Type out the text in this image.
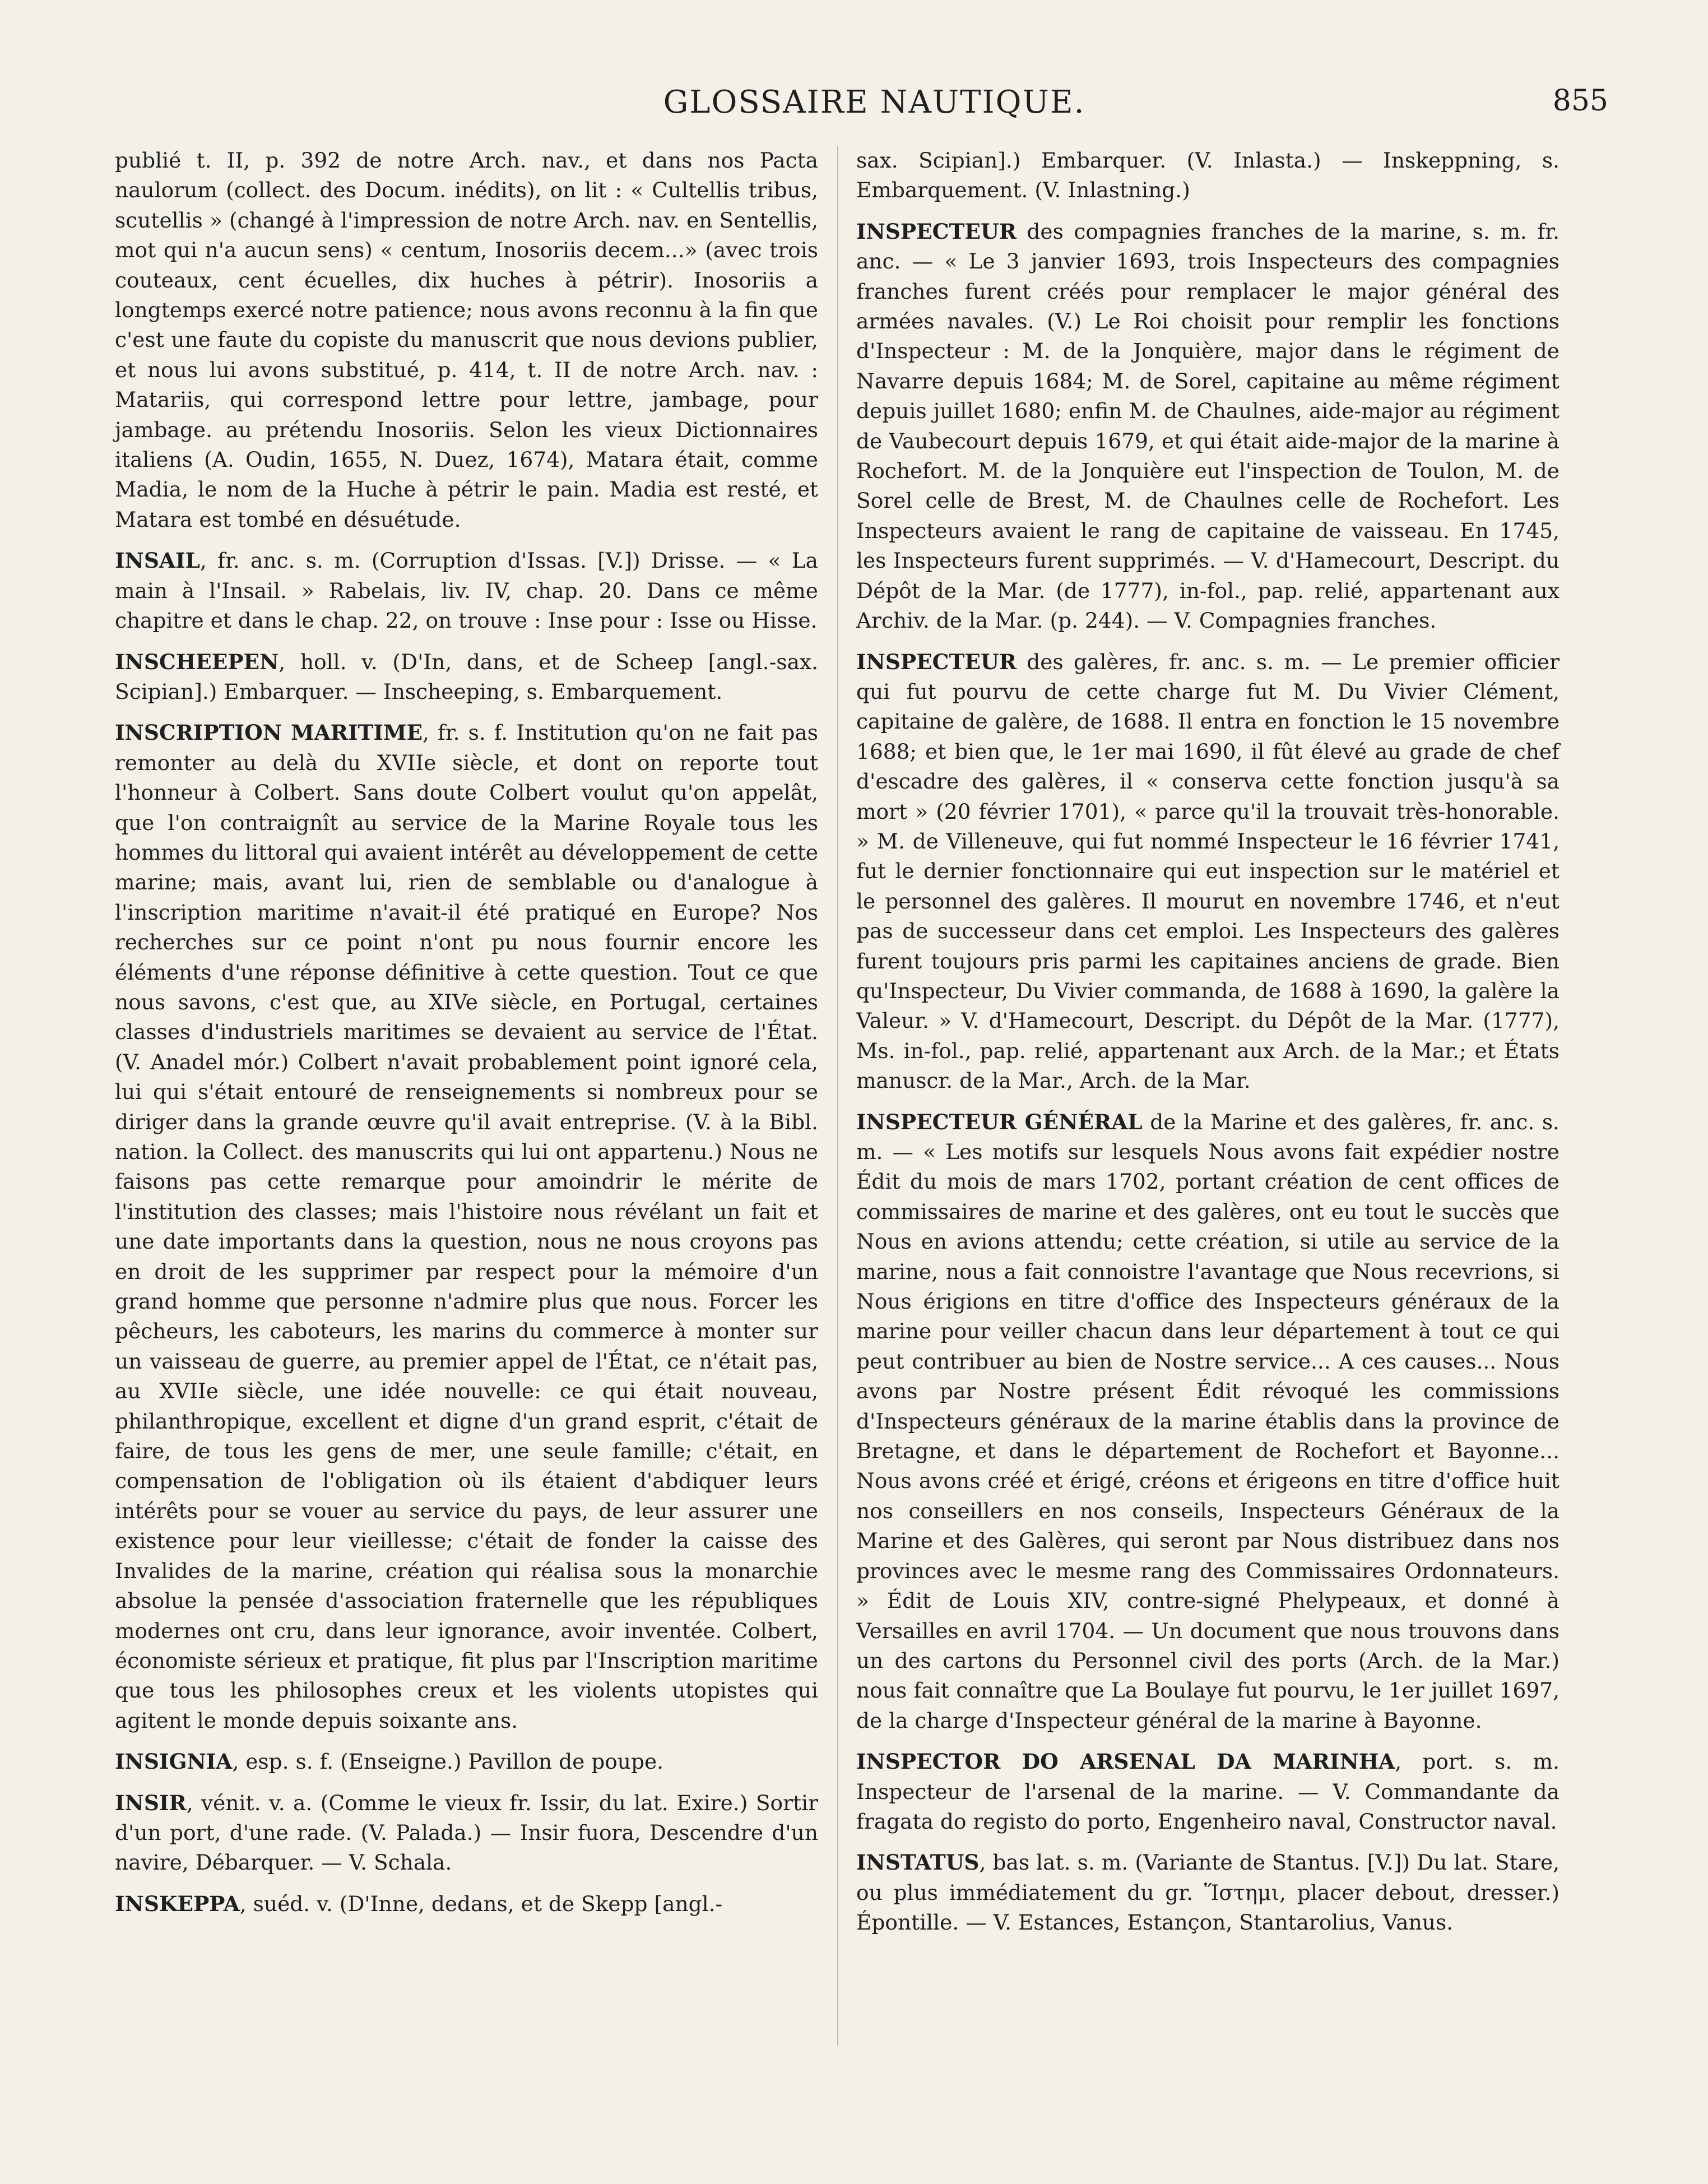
GLOSSAIRE NAUTIQUE.	855

publié t. II, p. 392 de notre Arch. nav., et dans nos Pacta naulorum (collect. des Docum. inédits), on lit : « Cultellis tribus, scutellis » (changé à l'impression de notre Arch. nav. en Sentellis, mot qui n'a aucun sens) « centum, Inosoriis decem...» (avec trois couteaux, cent écuelles, dix huches à pétrir). Inosoriis a longtemps exercé notre patience; nous avons reconnu à la fin que c'est une faute du copiste du manuscrit que nous devions publier, et nous lui avons substitué, p. 414, t. II de notre Arch. nav. : Matariis, qui correspond lettre pour lettre, jambage, pour jambage. au prétendu Inosoriis. Selon les vieux Dictionnaires italiens (A. Oudin, 1655, N. Duez, 1674), Matara était, comme Madia, le nom de la Huche à pétrir le pain. Madia est resté, et Matara est tombé en désuétude.

INSAIL, fr. anc. s. m. (Corruption d'Issas. [V.]) Drisse. — « La main à l'Insail. » Rabelais, liv. IV, chap. 20. Dans ce même chapitre et dans le chap. 22, on trouve : Inse pour : Isse ou Hisse.

INSCHEEPEN, holl. v. (D'In, dans, et de Scheep [angl.-sax. Scipian].) Embarquer. — Inscheeping, s. Embarquement.

INSCRIPTION MARITIME, fr. s. f. Institution qu'on ne fait pas remonter au delà du XVIIe siècle, et dont on reporte tout l'honneur à Colbert. Sans doute Colbert voulut qu'on appelât, que l'on contraignît au service de la Marine Royale tous les hommes du littoral qui avaient intérêt au développement de cette marine; mais, avant lui, rien de semblable ou d'analogue à l'inscription maritime n'avait-il été pratiqué en Europe? Nos recherches sur ce point n'ont pu nous fournir encore les éléments d'une réponse définitive à cette question. Tout ce que nous savons, c'est que, au XIVe siècle, en Portugal, certaines classes d'industriels maritimes se devaient au service de l'État. (V. Anadel mór.) Colbert n'avait probablement point ignoré cela, lui qui s'était entouré de renseignements si nombreux pour se diriger dans la grande œuvre qu'il avait entreprise. (V. à la Bibl. nation. la Collect. des manuscrits qui lui ont appartenu.) Nous ne faisons pas cette remarque pour amoindrir le mérite de l'institution des classes; mais l'histoire nous révélant un fait et une date importants dans la question, nous ne nous croyons pas en droit de les supprimer par respect pour la mémoire d'un grand homme que personne n'admire plus que nous. Forcer les pêcheurs, les caboteurs, les marins du commerce à monter sur un vaisseau de guerre, au premier appel de l'État, ce n'était pas, au XVIIe siècle, une idée nouvelle: ce qui était nouveau, philanthropique, excellent et digne d'un grand esprit, c'était de faire, de tous les gens de mer, une seule famille; c'était, en compensation de l'obligation où ils étaient d'abdiquer leurs intérêts pour se vouer au service du pays, de leur assurer une existence pour leur vieillesse; c'était de fonder la caisse des Invalides de la marine, création qui réalisa sous la monarchie absolue la pensée d'association fraternelle que les républiques modernes ont cru, dans leur ignorance, avoir inventée. Colbert, économiste sérieux et pratique, fit plus par l'Inscription maritime que tous les philosophes creux et les violents utopistes qui agitent le monde depuis soixante ans.

INSIGNIA, esp. s. f. (Enseigne.) Pavillon de poupe.

INSIR, vénit. v. a. (Comme le vieux fr. Issir, du lat. Exire.) Sortir d'un port, d'une rade. (V. Palada.) — Insir fuora, Descendre d'un navire, Débarquer. — V. Schala.

INSKEPPA, suéd. v. (D'Inne, dedans, et de Skepp [angl.-

sax. Scipian].) Embarquer. (V. Inlasta.) — Inskeppning, s. Embarquement. (V. Inlastning.)

INSPECTEUR des compagnies franches de la marine, s. m. fr. anc. — « Le 3 janvier 1693, trois Inspecteurs des compagnies franches furent créés pour remplacer le major général des armées navales. (V.) Le Roi choisit pour remplir les fonctions d'Inspecteur : M. de la Jonquière, major dans le régiment de Navarre depuis 1684; M. de Sorel, capitaine au même régiment depuis juillet 1680; enfin M. de Chaulnes, aide-major au régiment de Vaubecourt depuis 1679, et qui était aide-major de la marine à Rochefort. M. de la Jonquière eut l'inspection de Toulon, M. de Sorel celle de Brest, M. de Chaulnes celle de Rochefort. Les Inspecteurs avaient le rang de capitaine de vaisseau. En 1745, les Inspecteurs furent supprimés. — V. d'Hamecourt, Descript. du Dépôt de la Mar. (de 1777), in-fol., pap. relié, appartenant aux Archiv. de la Mar. (p. 244). — V. Compagnies franches.

INSPECTEUR des galères, fr. anc. s. m. — Le premier officier qui fut pourvu de cette charge fut M. Du Vivier Clément, capitaine de galère, de 1688. Il entra en fonction le 15 novembre 1688; et bien que, le 1er mai 1690, il fût élevé au grade de chef d'escadre des galères, il « conserva cette fonction jusqu'à sa mort » (20 février 1701), « parce qu'il la trouvait très-honorable. » M. de Villeneuve, qui fut nommé Inspecteur le 16 février 1741, fut le dernier fonctionnaire qui eut inspection sur le matériel et le personnel des galères. Il mourut en novembre 1746, et n'eut pas de successeur dans cet emploi. Les Inspecteurs des galères furent toujours pris parmi les capitaines anciens de grade. Bien qu'Inspecteur, Du Vivier commanda, de 1688 à 1690, la galère la Valeur. » V. d'Hamecourt, Descript. du Dépôt de la Mar. (1777), Ms. in-fol., pap. relié, appartenant aux Arch. de la Mar.; et États manuscr. de la Mar., Arch. de la Mar.

INSPECTEUR GÉNÉRAL de la Marine et des galères, fr. anc. s. m. — « Les motifs sur lesquels Nous avons fait expédier nostre Édit du mois de mars 1702, portant création de cent offices de commissaires de marine et des galères, ont eu tout le succès que Nous en avions attendu; cette création, si utile au service de la marine, nous a fait connoistre l'avantage que Nous recevrions, si Nous érigions en titre d'office des Inspecteurs généraux de la marine pour veiller chacun dans leur département à tout ce qui peut contribuer au bien de Nostre service... A ces causes... Nous avons par Nostre présent Édit révoqué les commissions d'Inspecteurs généraux de la marine établis dans la province de Bretagne, et dans le département de Rochefort et Bayonne... Nous avons créé et érigé, créons et érigeons en titre d'office huit nos conseillers en nos conseils, Inspecteurs Généraux de la Marine et des Galères, qui seront par Nous distribuez dans nos provinces avec le mesme rang des Commissaires Ordonnateurs. » Édit de Louis XIV, contre-signé Phelypeaux, et donné à Versailles en avril 1704. — Un document que nous trouvons dans un des cartons du Personnel civil des ports (Arch. de la Mar.) nous fait connaître que La Boulaye fut pourvu, le 1er juillet 1697, de la charge d'Inspecteur général de la marine à Bayonne.

INSPECTOR DO ARSENAL DA MARINHA, port. s. m. Inspecteur de l'arsenal de la marine. — V. Commandante da fragata do registo do porto, Engenheiro naval, Constructor naval.

INSTATUS, bas lat. s. m. (Variante de Stantus. [V.]) Du lat. Stare, ou plus immédiatement du gr. Ἵστημι, placer debout, dresser.) Épontille. — V. Estances, Estançon, Stantarolius, Vanus.
